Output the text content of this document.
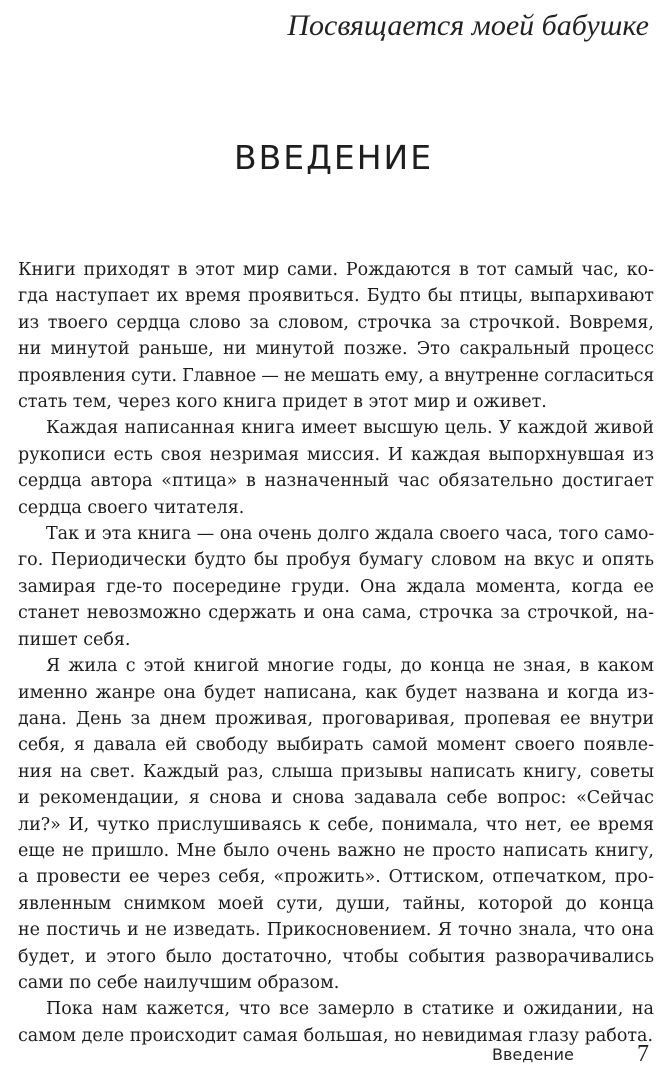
Посвящается моей бабушке
ВВЕДЕНИЕ

Книги приходят в этот мир сами. Рождаются в тот самый час, ко-
гда наступает их время проявиться. Будто бы птицы, выпархивают
из твоего сердца слово за словом, строчка за строчкой. Вовремя,
ни минутой раньше, ни минутой позже. Это сакральный процесс
проявления сути. Главное — не мешать ему, а внутренне согласиться
стать тем, через кого книга придет в этот мир и оживет.

Каждая написанная книга имеет высшую цель. У каждой живой
рукописи есть своя незримая миссия. И каждая выпорхнувшая из
сердца автора «птица» в назначенный час обязательно достигает
сердца своего читателя.

Так и эта книга — она очень долго ждала своего часа, того само-
го. Периодически будто бы пробуя бумагу словом на вкус и опять
замирая где-то посередине груди. Она ждала момента, когда ее
станет невозможно сдержать и она сама, строчка за строчкой, на-
пишет себя.

Я жила с этой книгой многие годы, до конца не зная, в каком
именно жанре она будет написана, как будет названа и когда из-
дана. День за днем проживая, проговаривая, пропевая ее внутри
себя, я давала ей свободу выбирать самой момент своего появле-
ния на свет. Каждый раз, слыша призывы написать книгу, советы
и рекомендации, я снова и снова задавала себе вопрос: «Сейчас
ли?» И, чутко прислушиваясь к себе, понимала, что нет, ее время
еще не пришло. Мне было очень важно не просто написать книгу,
а провести ее через себя, «прожить». Оттиском, отпечатком, про-
явленным снимком моей сути, души, тайны, которой до конца
не постичь и не изведать. Прикосновением. Я точно знала, что она
будет, и этого было достаточно, чтобы события разворачивались
сами по себе наилучшим образом.

Пока нам кажется, что все замерло в статике и ожидании, на
самом деле происходит самая большая, но невидимая глазу работа.

Введение	7
